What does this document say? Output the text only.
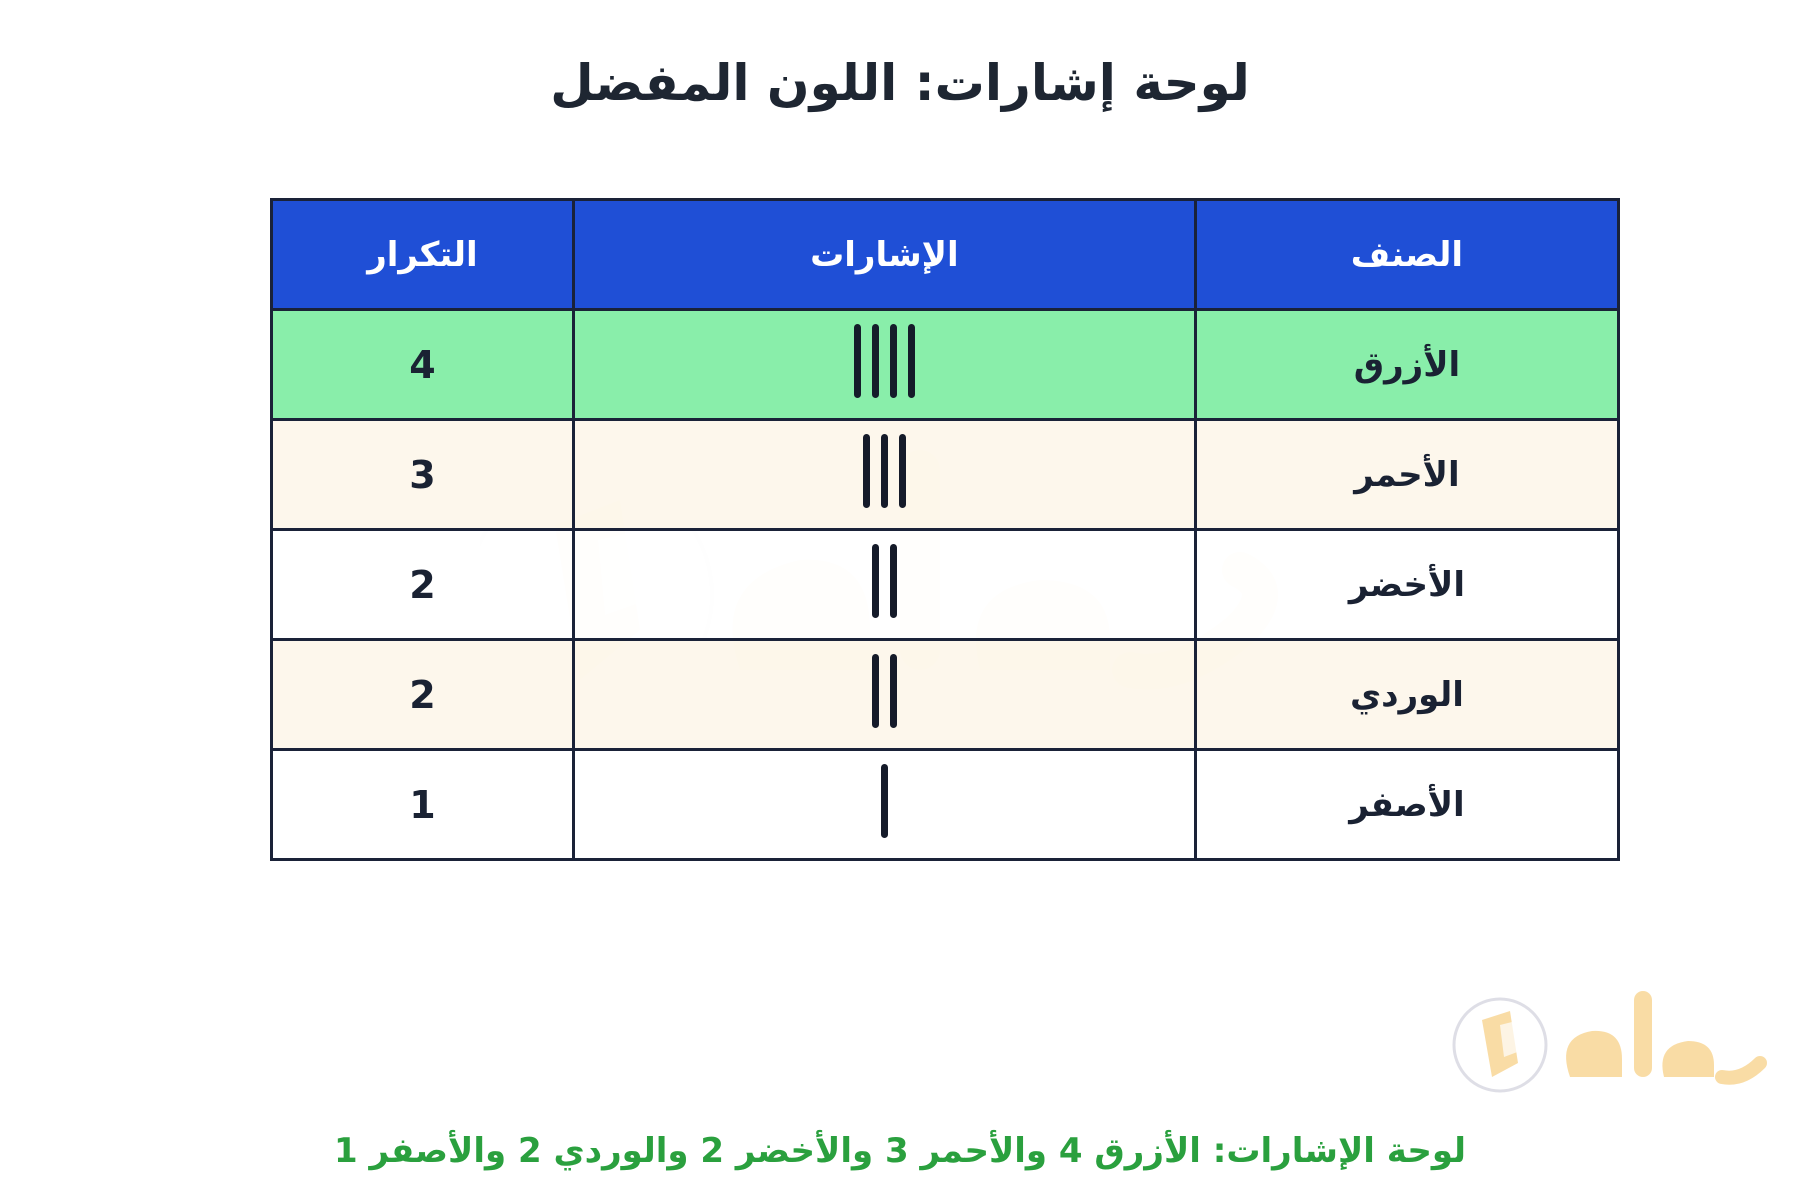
لوحة إشارات: اللون المفضل
الصنف	الإشارات	التكرار
الأزرق		4
الأحمر		3
الأخضر		2
الوردي		2
الأصفر		1

لوحة الإشارات: الأزرق 4 والأحمر 3 والأخضر 2 والوردي 2 والأصفر 1
